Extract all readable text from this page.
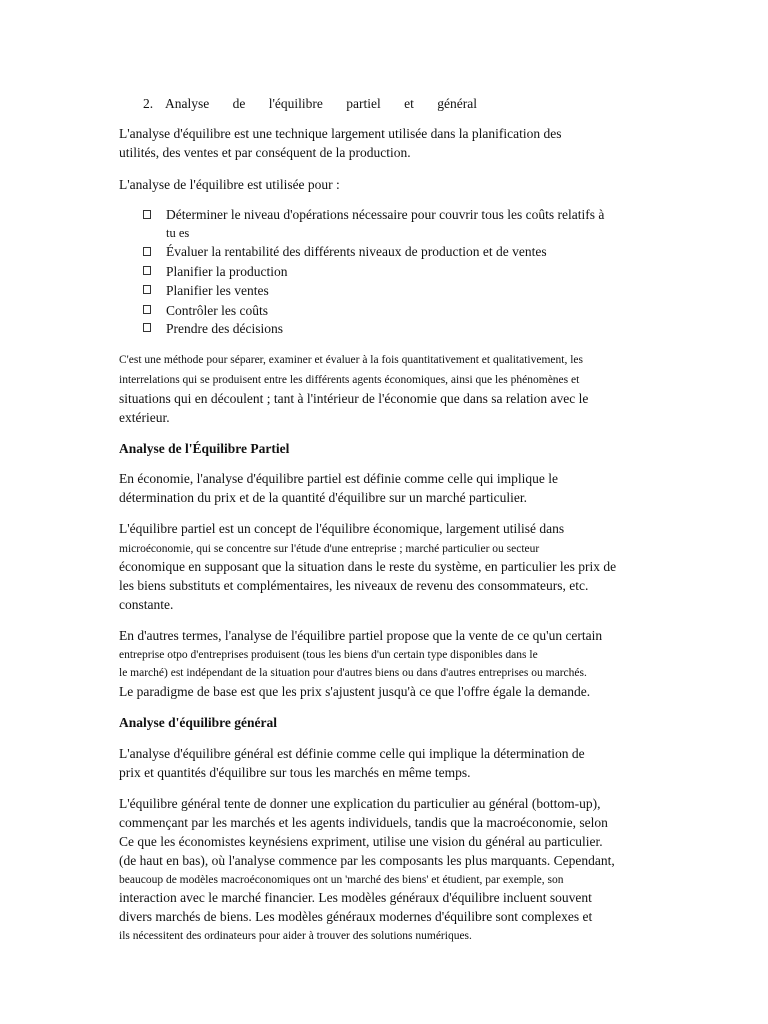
2. Analyse de l'équilibre partiel et général
L'analyse d'équilibre est une technique largement utilisée dans la planification des
utilités, des ventes et par conséquent de la production.
L'analyse de l'équilibre est utilisée pour :
Déterminer le niveau d'opérations nécessaire pour couvrir tous les coûts relatifs à
tu es
Évaluer la rentabilité des différents niveaux de production et de ventes
Planifier la production
Planifier les ventes
Contrôler les coûts
Prendre des décisions
C'est une méthode pour séparer, examiner et évaluer à la fois quantitativement et qualitativement, les
interrelations qui se produisent entre les différents agents économiques, ainsi que les phénomènes et
situations qui en découlent ; tant à l'intérieur de l'économie que dans sa relation avec le
extérieur.
Analyse de l'Équilibre Partiel
En économie, l'analyse d'équilibre partiel est définie comme celle qui implique le
détermination du prix et de la quantité d'équilibre sur un marché particulier.
L'équilibre partiel est un concept de l'équilibre économique, largement utilisé dans
microéconomie, qui se concentre sur l'étude d'une entreprise ; marché particulier ou secteur
économique en supposant que la situation dans le reste du système, en particulier les prix de
les biens substituts et complémentaires, les niveaux de revenu des consommateurs, etc.
constante.
En d'autres termes, l'analyse de l'équilibre partiel propose que la vente de ce qu'un certain
entreprise otpo d'entreprises produisent (tous les biens d'un certain type disponibles dans le
le marché) est indépendant de la situation pour d'autres biens ou dans d'autres entreprises ou marchés.
Le paradigme de base est que les prix s'ajustent jusqu'à ce que l'offre égale la demande.
Analyse d'équilibre général
L'analyse d'équilibre général est définie comme celle qui implique la détermination de
prix et quantités d'équilibre sur tous les marchés en même temps.
L'équilibre général tente de donner une explication du particulier au général (bottom-up),
commençant par les marchés et les agents individuels, tandis que la macroéconomie, selon
Ce que les économistes keynésiens expriment, utilise une vision du général au particulier.
(de haut en bas), où l'analyse commence par les composants les plus marquants. Cependant,
beaucoup de modèles macroéconomiques ont un 'marché des biens' et étudient, par exemple, son
interaction avec le marché financier. Les modèles généraux d'équilibre incluent souvent
divers marchés de biens. Les modèles généraux modernes d'équilibre sont complexes et
ils nécessitent des ordinateurs pour aider à trouver des solutions numériques.
